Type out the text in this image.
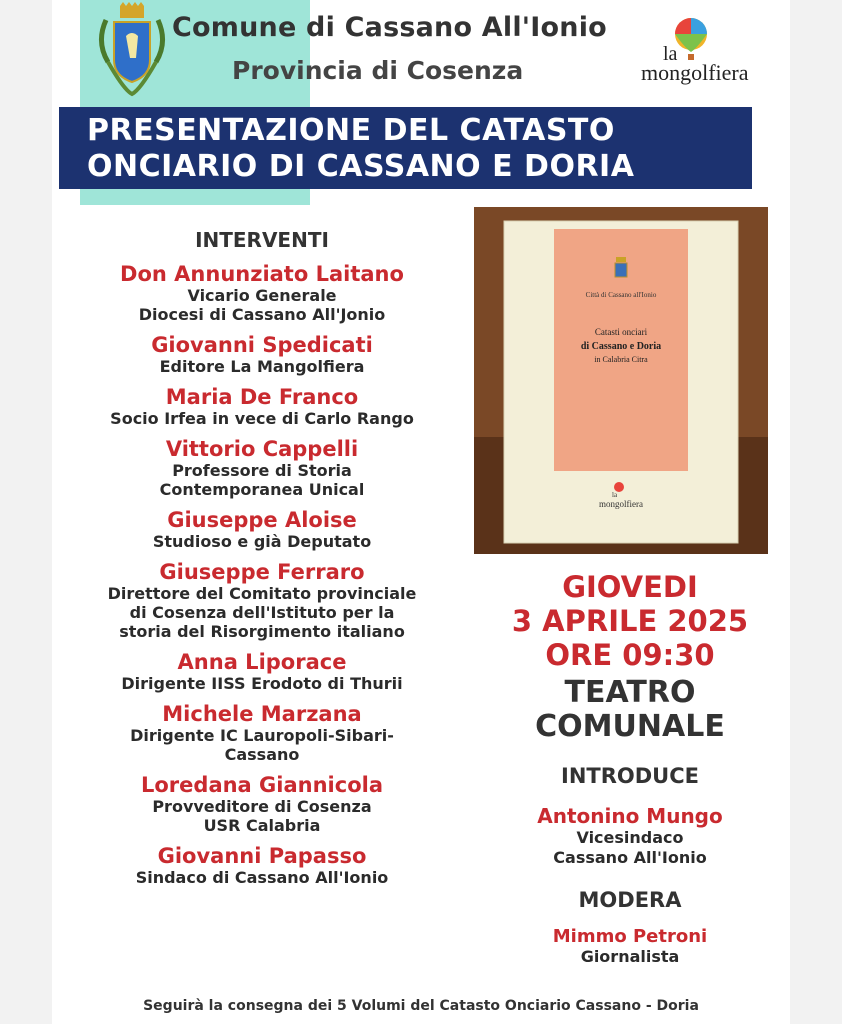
Comune di Cassano All'Ionio
Provincia di Cosenza
la
mongolfiera
PRESENTAZIONE DEL CATASTO
ONCIARIO DI CASSANO E DORIA
INTERVENTI
Don Annunziato Laitano
Vicario Generale
Diocesi di Cassano All'Jonio
Giovanni Spedicati
Editore La Mangolfiera
Maria De Franco
Socio Irfea in vece di Carlo Rango
Vittorio Cappelli
Professore di Storia
Contemporanea Unical
Giuseppe Aloise
Studioso e già Deputato
Giuseppe Ferraro
Direttore del Comitato provinciale
di Cosenza dell'Istituto per la
storia del Risorgimento italiano
Anna Liporace
Dirigente IISS Erodoto di Thurii
Michele Marzana
Dirigente IC Lauropoli-Sibari-
Cassano
Loredana Giannicola
Provveditore di Cosenza
USR Calabria
Giovanni Papasso
Sindaco di Cassano All'Ionio
Città di Cassano all'Ionio
Catasti onciari
di Cassano e Doria
in Calabria Citra
la
mongolfiera
GIOVEDI
3 APRILE 2025
ORE 09:30
TEATRO
COMUNALE
INTRODUCE
Antonino Mungo
Vicesindaco
Cassano All'Ionio
MODERA
Mimmo Petroni
Giornalista
Seguirà la consegna dei 5 Volumi del Catasto Onciario Cassano - Doria
